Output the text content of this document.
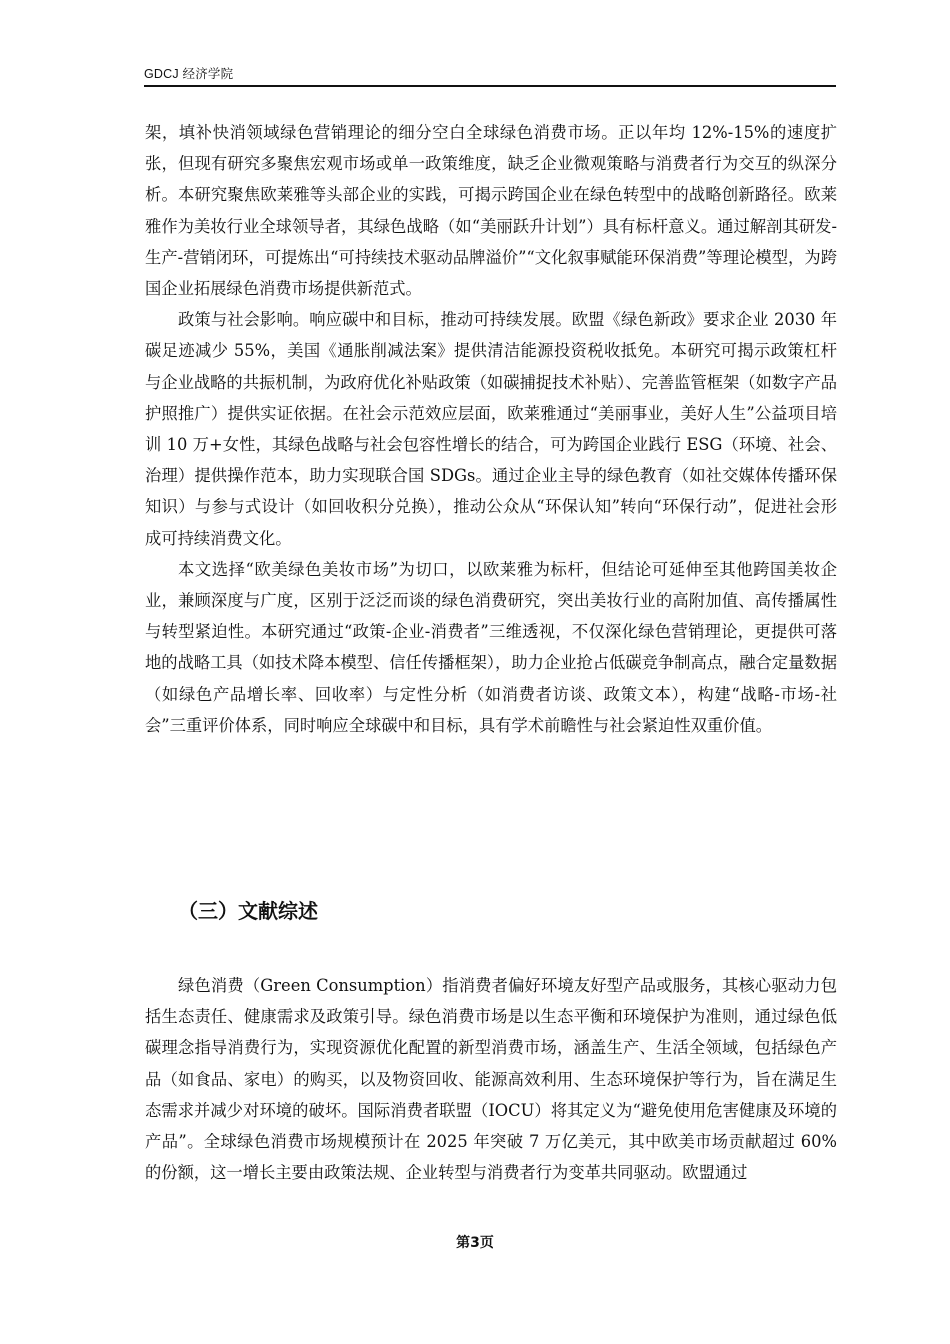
GDCJ 经济学院

架，填补快消领域绿色营销理论的细分空白全球绿色消费市场。正以年均 12%-15%的速度扩张，但现有研究多聚焦宏观市场或单一政策维度，缺乏企业微观策略与消费者行为交互的纵深分析。本研究聚焦欧莱雅等头部企业的实践，可揭示跨国企业在绿色转型中的战略创新路径。欧莱雅作为美妆行业全球领导者，其绿色战略（如“美丽跃升计划”）具有标杆意义。通过解剖其研发-生产-营销闭环，可提炼出“可持续技术驱动品牌溢价”“文化叙事赋能环保消费”等理论模型，为跨国企业拓展绿色消费市场提供新范式。

政策与社会影响。响应碳中和目标，推动可持续发展。欧盟《绿色新政》要求企业 2030 年碳足迹减少 55%，美国《通胀削减法案》提供清洁能源投资税收抵免。本研究可揭示政策杠杆与企业战略的共振机制，为政府优化补贴政策（如碳捕捉技术补贴）、完善监管框架（如数字产品护照推广）提供实证依据。在社会示范效应层面，欧莱雅通过“美丽事业，美好人生”公益项目培训 10 万+女性，其绿色战略与社会包容性增长的结合，可为跨国企业践行 ESG（环境、社会、治理）提供操作范本，助力实现联合国 SDGs。通过企业主导的绿色教育（如社交媒体传播环保知识）与参与式设计（如回收积分兑换），推动公众从“环保认知”转向“环保行动”，促进社会形成可持续消费文化。

本文选择“欧美绿色美妆市场”为切口，以欧莱雅为标杆，但结论可延伸至其他跨国美妆企业，兼顾深度与广度，区别于泛泛而谈的绿色消费研究，突出美妆行业的高附加值、高传播属性与转型紧迫性。本研究通过“政策-企业-消费者”三维透视，不仅深化绿色营销理论，更提供可落地的战略工具（如技术降本模型、信任传播框架），助力企业抢占低碳竞争制高点，融合定量数据（如绿色产品增长率、回收率）与定性分析（如消费者访谈、政策文本），构建“战略-市场-社会”三重评价体系，同时响应全球碳中和目标，具有学术前瞻性与社会紧迫性双重价值。

（三）文献综述

绿色消费（Green Consumption）指消费者偏好环境友好型产品或服务，其核心驱动力包括生态责任、健康需求及政策引导。绿色消费市场是以生态平衡和环境保护为准则，通过绿色低碳理念指导消费行为，实现资源优化配置的新型消费市场，涵盖生产、生活全领域，包括绿色产品（如食品、家电）的购买，以及物资回收、能源高效利用、生态环境保护等行为，旨在满足生态需求并减少对环境的破坏。国际消费者联盟（IOCU）将其定义为“避免使用危害健康及环境的产品”。全球绿色消费市场规模预计在 2025 年突破 7 万亿美元，其中欧美市场贡献超过 60%的份额，这一增长主要由政策法规、企业转型与消费者行为变革共同驱动。欧盟通过

第3页
